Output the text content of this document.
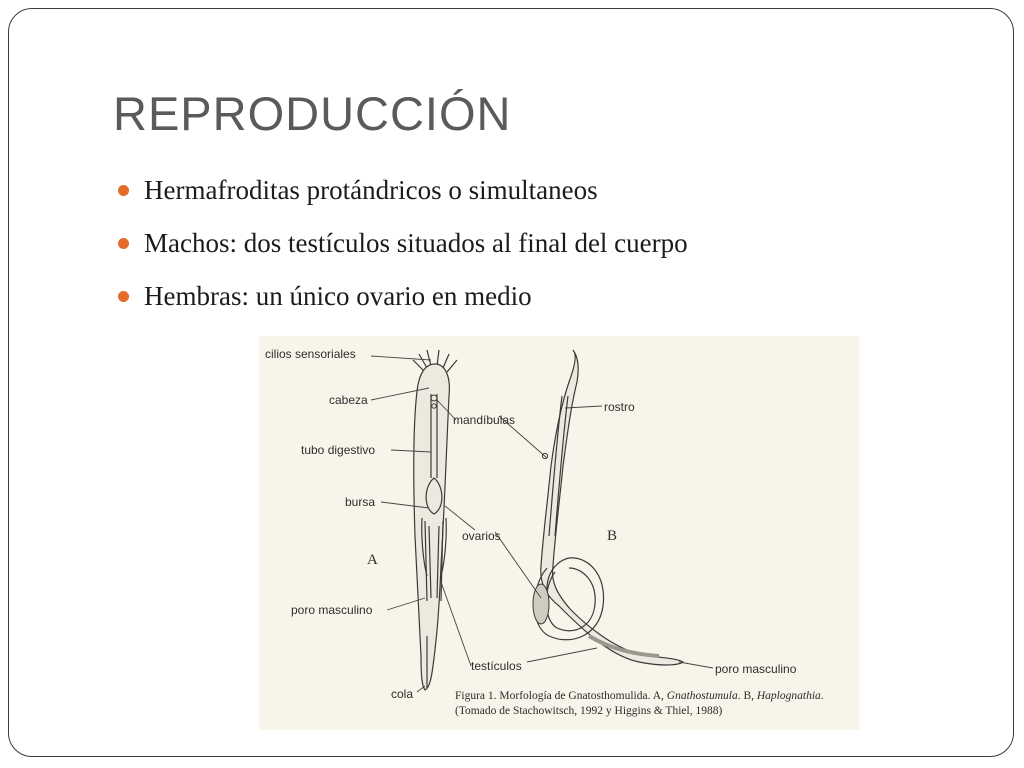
REPRODUCCIÓN
Hermafroditas protándricos o simultaneos
Machos: dos testículos situados al final del cuerpo
Hembras: un único ovario en medio
cilios sensoriales
cabeza
tubo digestivo
bursa
mandíbulas
ovarios
rostro
A
B
poro masculino
testículos	poro masculino
cola	Figura 1. Morfología de Gnatosthomulida. A, Gnathostumula. B, Haplognathia.
(Tomado de Stachowitsch, 1992 y Higgins & Thiel, 1988)
